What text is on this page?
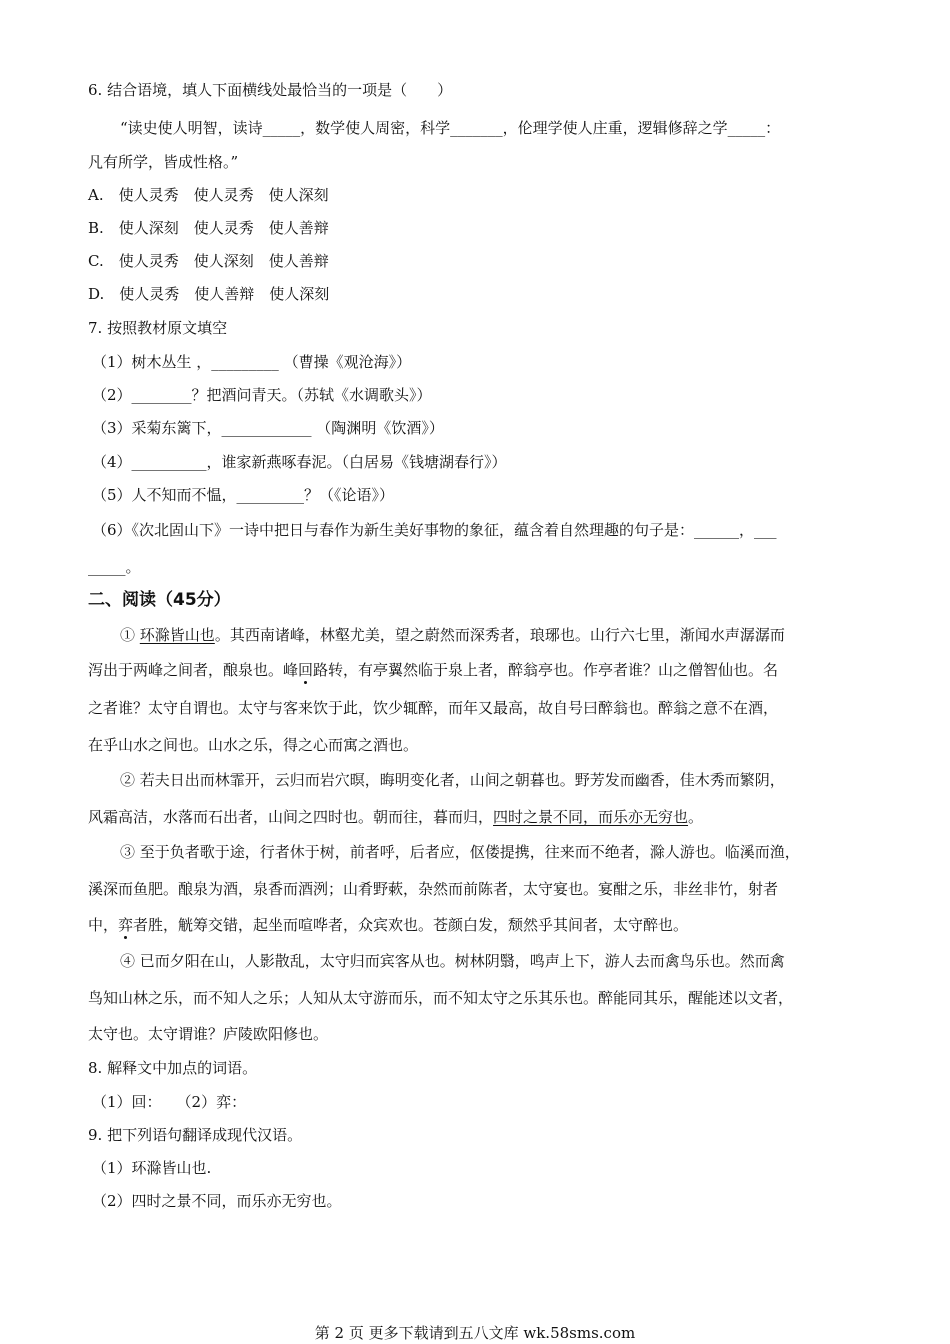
6. 结合语境，填人下面横线处最恰当的一项是（　　）
“读史使人明智，读诗_____，数学使人周密，科学_______，伦理学使人庄重，逻辑修辞之学_____：
凡有所学，皆成性格。”
A.　使人灵秀　使人灵秀　使人深刻
B.　使人深刻　使人灵秀　使人善辩
C.　使人灵秀　使人深刻　使人善辩
D.　使人灵秀　使人善辩　使人深刻
7. 按照教材原文填空
（1）树木丛生 ，_________ （曹操《观沧海》）
（2）________？把酒问青天。（苏轼《水调歌头》）
（3）采菊东篱下，____________ （陶渊明《饮酒》）
（4）__________，谁家新燕啄春泥。（白居易《钱塘湖春行》）
（5）人不知而不愠，_________？（《论语》）
（6）《次北固山下》一诗中把日与春作为新生美好事物的象征，蕴含着自然理趣的句子是：______，___
_____。
二、阅读（45分）
① 环滁皆山也。其西南诸峰，林壑尤美，望之蔚然而深秀者，琅琊也。山行六七里，渐闻水声潺潺而
泻出于两峰之间者，酿泉也。峰回路转，有亭翼然临于泉上者，醉翁亭也。作亭者谁？山之僧智仙也。名
之者谁？太守自谓也。太守与客来饮于此，饮少辄醉，而年又最高，故自号曰醉翁也。醉翁之意不在酒，
在乎山水之间也。山水之乐，得之心而寓之酒也。
② 若夫日出而林霏开，云归而岩穴暝，晦明变化者，山间之朝暮也。野芳发而幽香，佳木秀而繁阴，
风霜高洁，水落而石出者，山间之四时也。朝而往，暮而归，四时之景不同，而乐亦无穷也。
③ 至于负者歌于途，行者休于树，前者呼，后者应，伛偻提携，往来而不绝者，滁人游也。临溪而渔，
溪深而鱼肥。酿泉为酒，泉香而酒洌；山肴野蔌，杂然而前陈者，太守宴也。宴酣之乐，非丝非竹，射者
中，弈者胜，觥筹交错，起坐而喧哗者，众宾欢也。苍颜白发，颓然乎其间者，太守醉也。
④ 已而夕阳在山，人影散乱，太守归而宾客从也。树林阴翳，鸣声上下，游人去而禽鸟乐也。然而禽
鸟知山林之乐，而不知人之乐；人知从太守游而乐，而不知太守之乐其乐也。醉能同其乐，醒能述以文者，
太守也。太守谓谁？庐陵欧阳修也。
8. 解释文中加点的词语。
（1）回：　　（2）弈：
9. 把下列语句翻译成现代汉语。
（1）环滁皆山也.
（2）四时之景不同，而乐亦无穷也。
第 2 页 更多下载请到五八文库 wk.58sms.com
